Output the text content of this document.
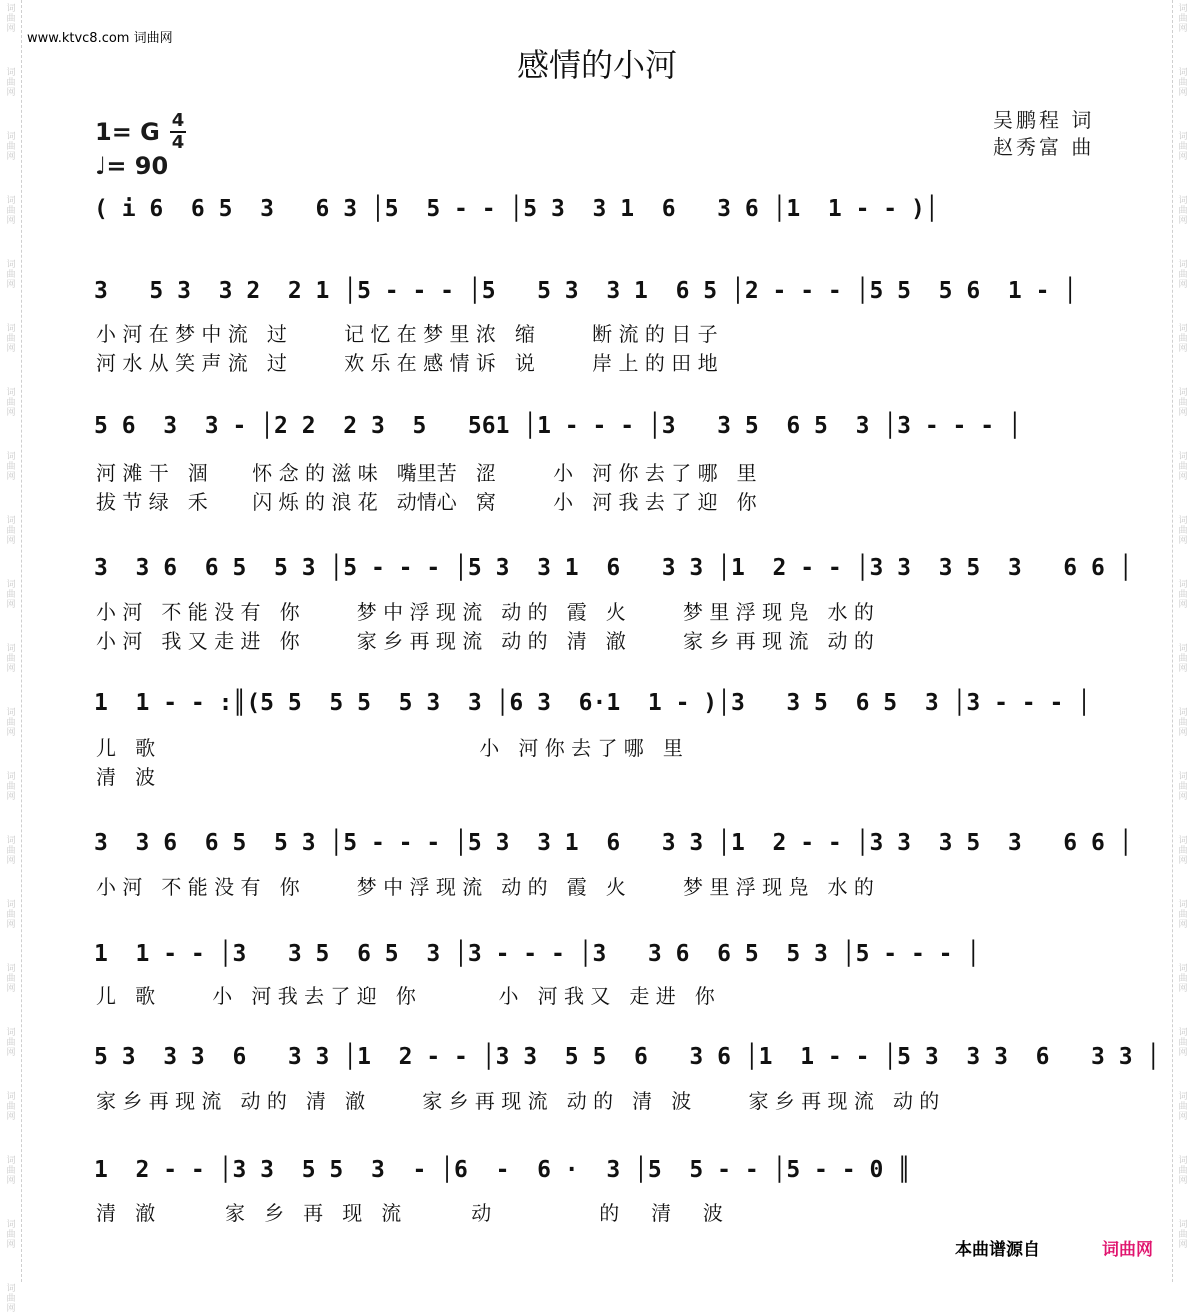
词
曲
网
词
曲
网
词
曲
网
词
曲
网
词
曲
网
词
曲
网
词
曲
网
词
曲
网
词
曲
网
词
曲
网
词
曲
网
词
曲
网
词
曲
网
词
曲
网
词
曲
网
词
曲
网
词
曲
网
词
曲
网
词
曲
网
词
曲
网
词
曲
网
词
曲
网
词
曲
网
词
曲
网
词
曲
网
词
曲
网
词
曲
网
词
曲
网
词
曲
网
词
曲
网
词
曲
网
词
曲
网
词
曲
网
词
曲
网
词
曲
网
词
曲
网
词
曲
网
词
曲
网
词
曲
网
词
曲
网
词
曲
网
www.ktvc8.com 词曲网
感情的小河
吴鹏程 词
赵秀富 曲
1= G 4
4
♩= 90
( i 6  6 5  3   6 3 │5  5 - - │5 3  3 1  6   3 6 │1  1 - - )│
3   5 3  3 2  2 1 │5 - - - │5   5 3  3 1  6 5 │2 - - - │5 5  5 6  1 - │
小 河 在 梦 中 流   过         记 忆 在 梦 里 浓   缩         断 流 的 日 子
河 水 从 笑 声 流   过         欢 乐 在 感 情 诉   说         岸 上 的 田 地
5 6  3  3 - │2 2  2 3  5   561 │1 - - - │3   3 5  6 5  3 │3 - - - │
河 滩 干   涸       怀 念 的 滋 味   嘴里苦   涩         小   河 你 去 了 哪   里
拔 节 绿   禾       闪 烁 的 浪 花   动情心   窝         小   河 我 去 了 迎   你
3  3 6  6 5  5 3 │5 - - - │5 3  3 1  6   3 3 │1  2 - - │3 3  3 5  3   6 6 │
小 河   不 能 没 有   你         梦 中 浮 现 流   动 的   霞   火         梦 里 浮 现 凫   水 的
小 河   我 又 走 进   你         家 乡 再 现 流   动 的   清   澈         家 乡 再 现 流   动 的
1  1 - - :║(5 5  5 5  5 3  3 │6 3  6·1  1 - )│3   3 5  6 5  3 │3 - - - │
儿   歌                                                   小   河 你 去 了 哪   里
清   波
3  3 6  6 5  5 3 │5 - - - │5 3  3 1  6   3 3 │1  2 - - │3 3  3 5  3   6 6 │
小 河   不 能 没 有   你         梦 中 浮 现 流   动 的   霞   火         梦 里 浮 现 凫   水 的
1  1 - - │3   3 5  6 5  3 │3 - - - │3   3 6  6 5  5 3 │5 - - - │
儿   歌         小   河 我 去 了 迎   你             小   河 我 又   走 进   你
5 3  3 3  6   3 3 │1  2 - - │3 3  5 5  6   3 6 │1  1 - - │5 3  3 3  6   3 3 │
家 乡 再 现 流   动 的   清   澈         家 乡 再 现 流   动 的   清   波         家 乡 再 现 流   动 的
1  2 - - │3 3  5 5  3  - │6  -  6 ·  3 │5  5 - - │5 - - 0 ║
清   澈           家   乡   再   现   流           动                 的     清     波
本曲谱源自	词曲网
